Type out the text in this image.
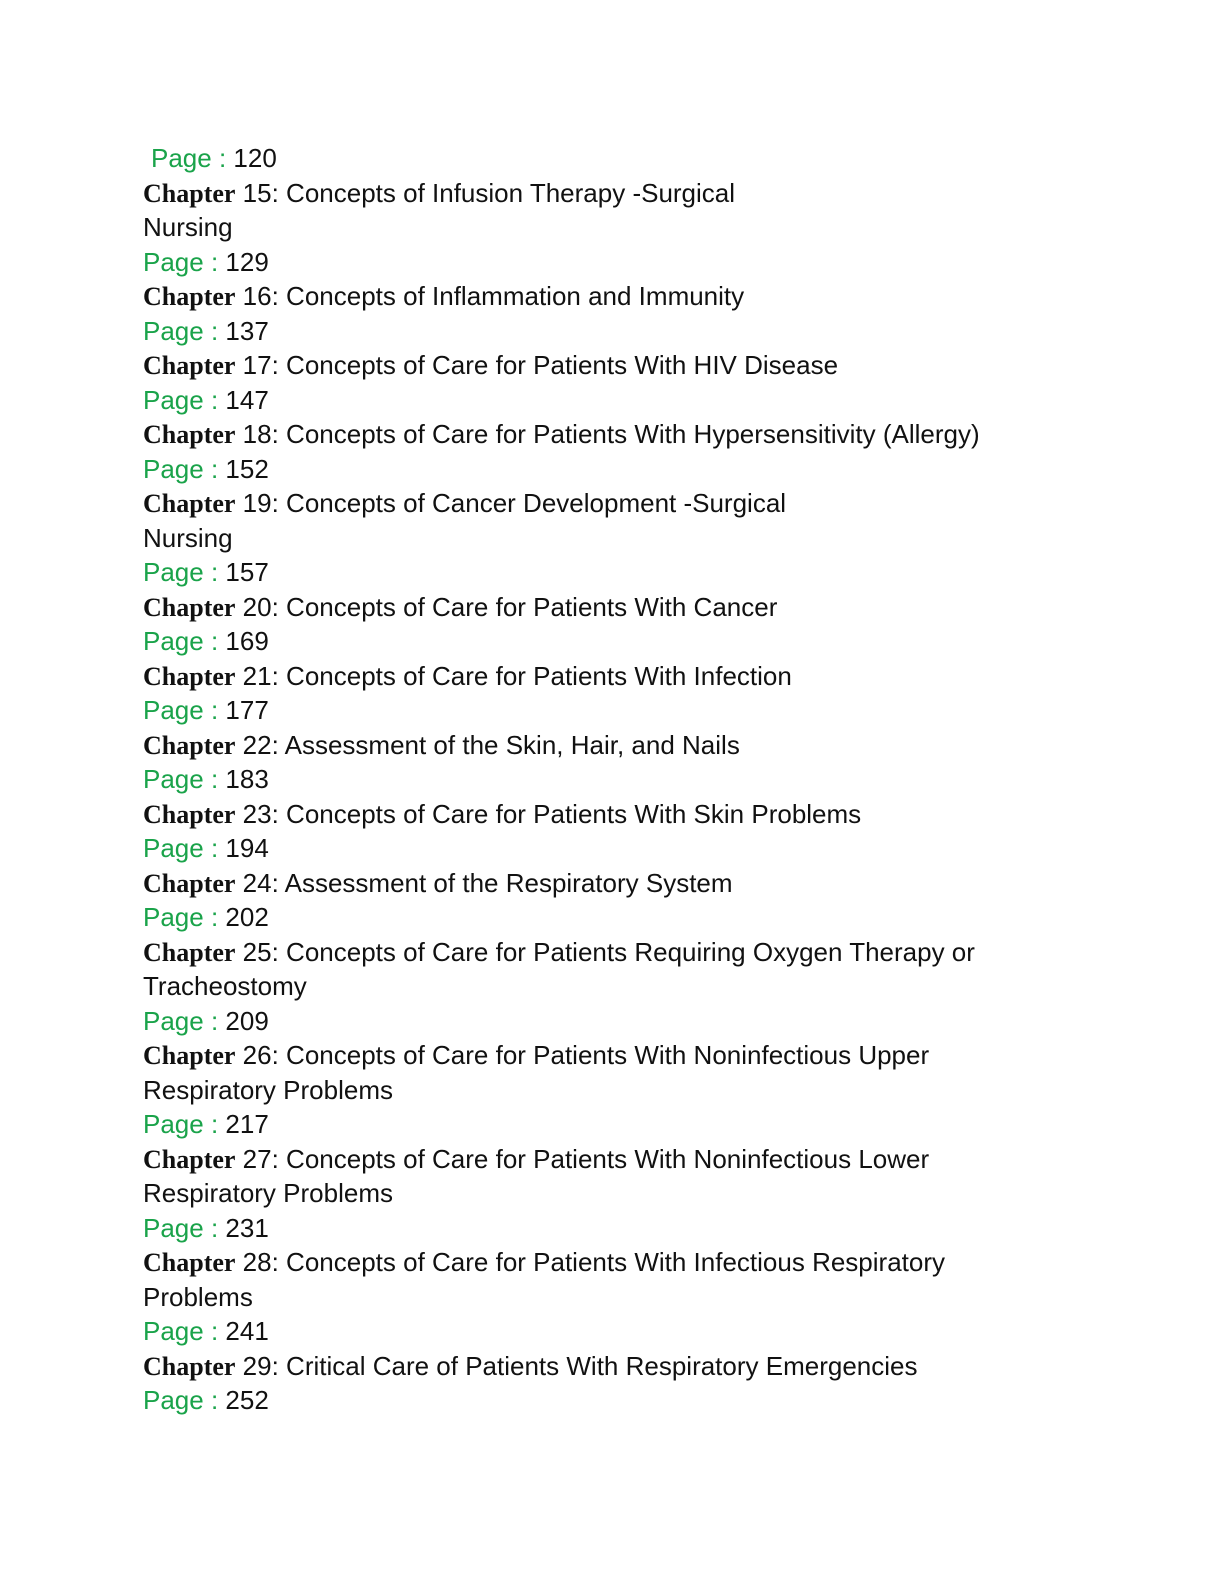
Page : 120
Chapter 15: Concepts of Infusion Therapy -Surgical
Nursing
Page : 129
Chapter 16: Concepts of Inflammation and Immunity
Page : 137
Chapter 17: Concepts of Care for Patients With HIV Disease
Page : 147
Chapter 18: Concepts of Care for Patients With Hypersensitivity (Allergy)
Page : 152
Chapter 19: Concepts of Cancer Development -Surgical
Nursing
Page : 157
Chapter 20: Concepts of Care for Patients With Cancer
Page : 169
Chapter 21: Concepts of Care for Patients With Infection
Page : 177
Chapter 22: Assessment of the Skin, Hair, and Nails
Page : 183
Chapter 23: Concepts of Care for Patients With Skin Problems
Page : 194
Chapter 24: Assessment of the Respiratory System
Page : 202
Chapter 25: Concepts of Care for Patients Requiring Oxygen Therapy or
Tracheostomy
Page : 209
Chapter 26: Concepts of Care for Patients With Noninfectious Upper
Respiratory Problems
Page : 217
Chapter 27: Concepts of Care for Patients With Noninfectious Lower
Respiratory Problems
Page : 231
Chapter 28: Concepts of Care for Patients With Infectious Respiratory
Problems
Page : 241
Chapter 29: Critical Care of Patients With Respiratory Emergencies
Page : 252
